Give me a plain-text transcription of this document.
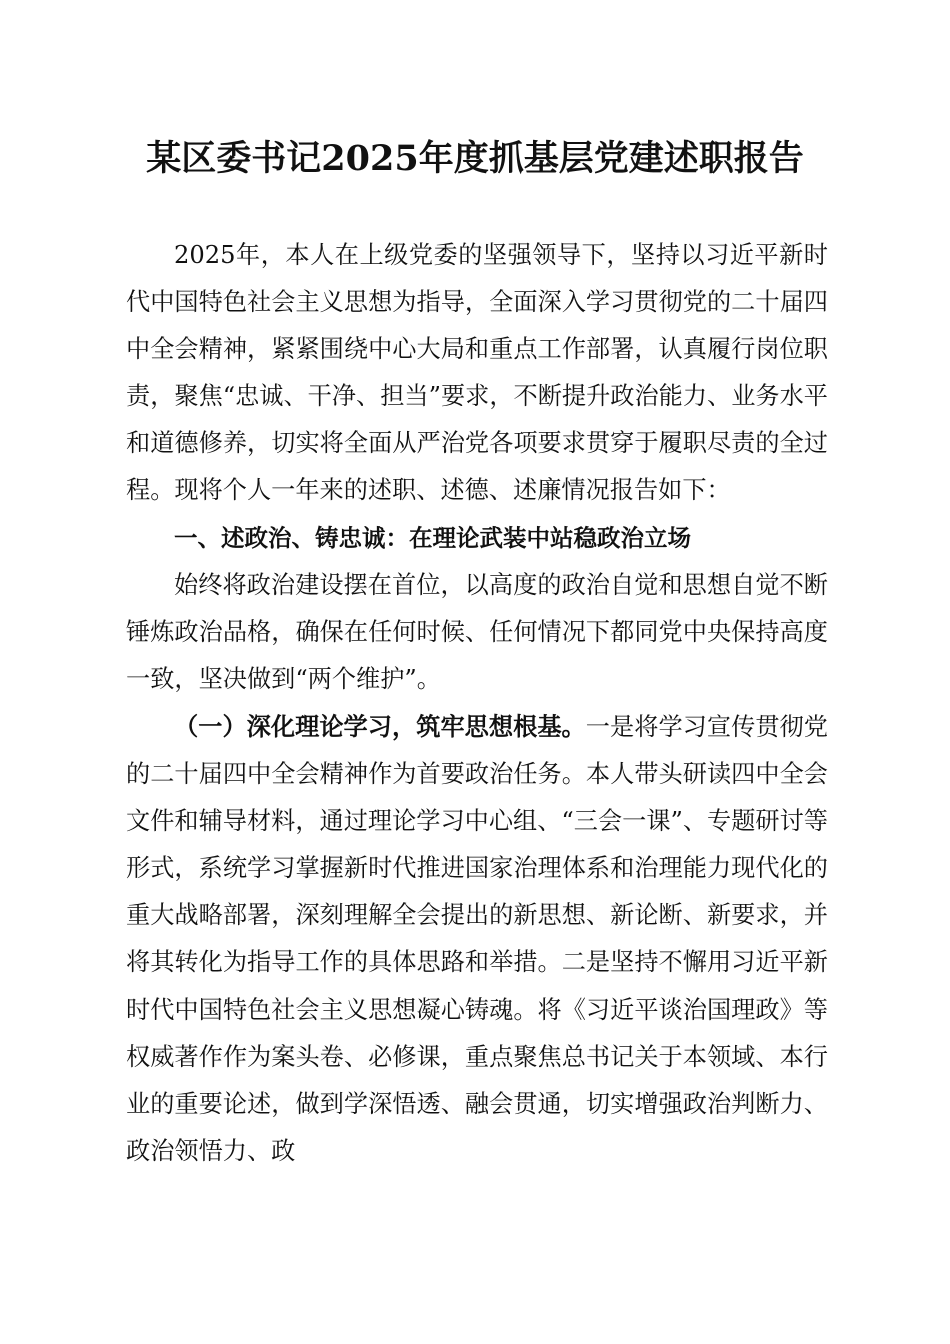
某区委书记2025年度抓基层党建述职报告

2025年，本人在上级党委的坚强领导下，坚持以习近平新时代中国特色社会主义思想为指导，全面深入学习贯彻党的二十届四中全会精神，紧紧围绕中心大局和重点工作部署，认真履行岗位职责，聚焦“忠诚、干净、担当”要求，不断提升政治能力、业务水平和道德修养，切实将全面从严治党各项要求贯穿于履职尽责的全过程。现将个人一年来的述职、述德、述廉情况报告如下：

一、述政治、铸忠诚：在理论武装中站稳政治立场

始终将政治建设摆在首位，以高度的政治自觉和思想自觉不断锤炼政治品格，确保在任何时候、任何情况下都同党中央保持高度一致，坚决做到“两个维护”。

（一）深化理论学习，筑牢思想根基。一是将学习宣传贯彻党的二十届四中全会精神作为首要政治任务。本人带头研读四中全会文件和辅导材料，通过理论学习中心组、“三会一课”、专题研讨等形式，系统学习掌握新时代推进国家治理体系和治理能力现代化的重大战略部署，深刻理解全会提出的新思想、新论断、新要求，并将其转化为指导工作的具体思路和举措。二是坚持不懈用习近平新时代中国特色社会主义思想凝心铸魂。将《习近平谈治国理政》等权威著作作为案头卷、必修课，重点聚焦总书记关于本领域、本行业的重要论述，做到学深悟透、融会贯通，切实增强政治判断力、政治领悟力、政
